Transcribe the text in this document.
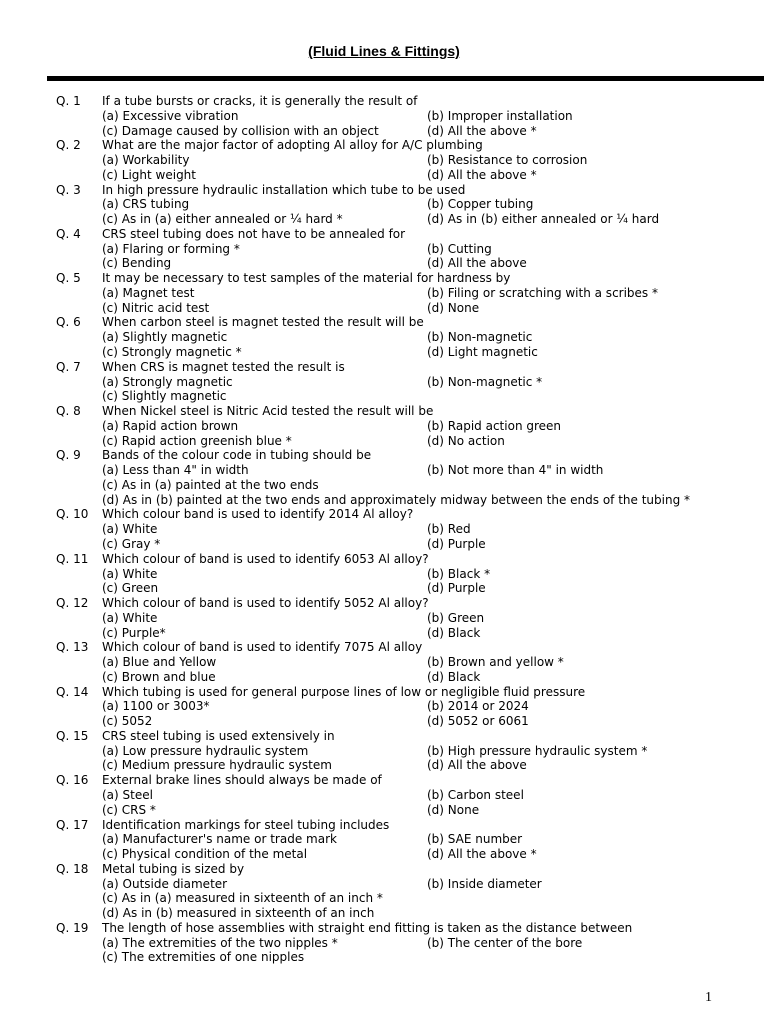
(Fluid Lines & Fittings)
Q. 1 If a tube bursts or cracks, it is generally the result of
(a) Excessive vibration	(b) Improper installation
(c) Damage caused by collision with an object	(d) All the above *
Q. 2 What are the major factor of adopting Al alloy for A/C plumbing
(a) Workability	(b) Resistance to corrosion
(c) Light weight	(d) All the above *
Q. 3 In high pressure hydraulic installation which tube to be used
(a) CRS tubing	(b) Copper tubing
(c) As in (a) either annealed or ¼ hard *	(d) As in (b) either annealed or ¼ hard
Q. 4 CRS steel tubing does not have to be annealed for
(a) Flaring or forming *	(b) Cutting
(c) Bending	(d) All the above
Q. 5 It may be necessary to test samples of the material for hardness by
(a) Magnet test	(b) Filing or scratching with a scribes *
(c) Nitric acid test	(d) None
Q. 6 When carbon steel is magnet tested the result will be
(a) Slightly magnetic	(b) Non-magnetic
(c) Strongly magnetic *	(d) Light magnetic
Q. 7 When CRS is magnet tested the result is
(a) Strongly magnetic	(b) Non-magnetic *
(c) Slightly magnetic
Q. 8 When Nickel steel is Nitric Acid tested the result will be
(a) Rapid action brown	(b) Rapid action green
(c) Rapid action greenish blue *	(d) No action
Q. 9 Bands of the colour code in tubing should be
(a) Less than 4" in width	(b) Not more than 4" in width
(c) As in (a) painted at the two ends
(d) As in (b) painted at the two ends and approximately midway between the ends of the tubing *
Q. 10 Which colour band is used to identify 2014 Al alloy?
(a) White	(b) Red
(c) Gray *	(d) Purple
Q. 11 Which colour of band is used to identify 6053 Al alloy?
(a) White	(b) Black *
(c) Green	(d) Purple
Q. 12 Which colour of band is used to identify 5052 Al alloy?
(a) White	(b) Green
(c) Purple*	(d) Black
Q. 13 Which colour of band is used to identify 7075 Al alloy
(a) Blue and Yellow	(b) Brown and yellow *
(c) Brown and blue	(d) Black
Q. 14 Which tubing is used for general purpose lines of low or negligible fluid pressure
(a) 1100 or 3003*	(b) 2014 or 2024
(c) 5052	(d) 5052 or 6061
Q. 15 CRS steel tubing is used extensively in
(a) Low pressure hydraulic system	(b) High pressure hydraulic system *
(c) Medium pressure hydraulic system	(d) All the above
Q. 16 External brake lines should always be made of
(a) Steel	(b) Carbon steel
(c) CRS *	(d) None
Q. 17 Identification markings for steel tubing includes
(a) Manufacturer's name or trade mark	(b) SAE number
(c) Physical condition of the metal	(d) All the above *
Q. 18 Metal tubing is sized by
(a) Outside diameter	(b) Inside diameter
(c) As in (a) measured in sixteenth of an inch *
(d) As in (b) measured in sixteenth of an inch
Q. 19 The length of hose assemblies with straight end fitting is taken as the distance between
(a) The extremities of the two nipples *	(b) The center of the bore
(c) The extremities of one nipples
1
